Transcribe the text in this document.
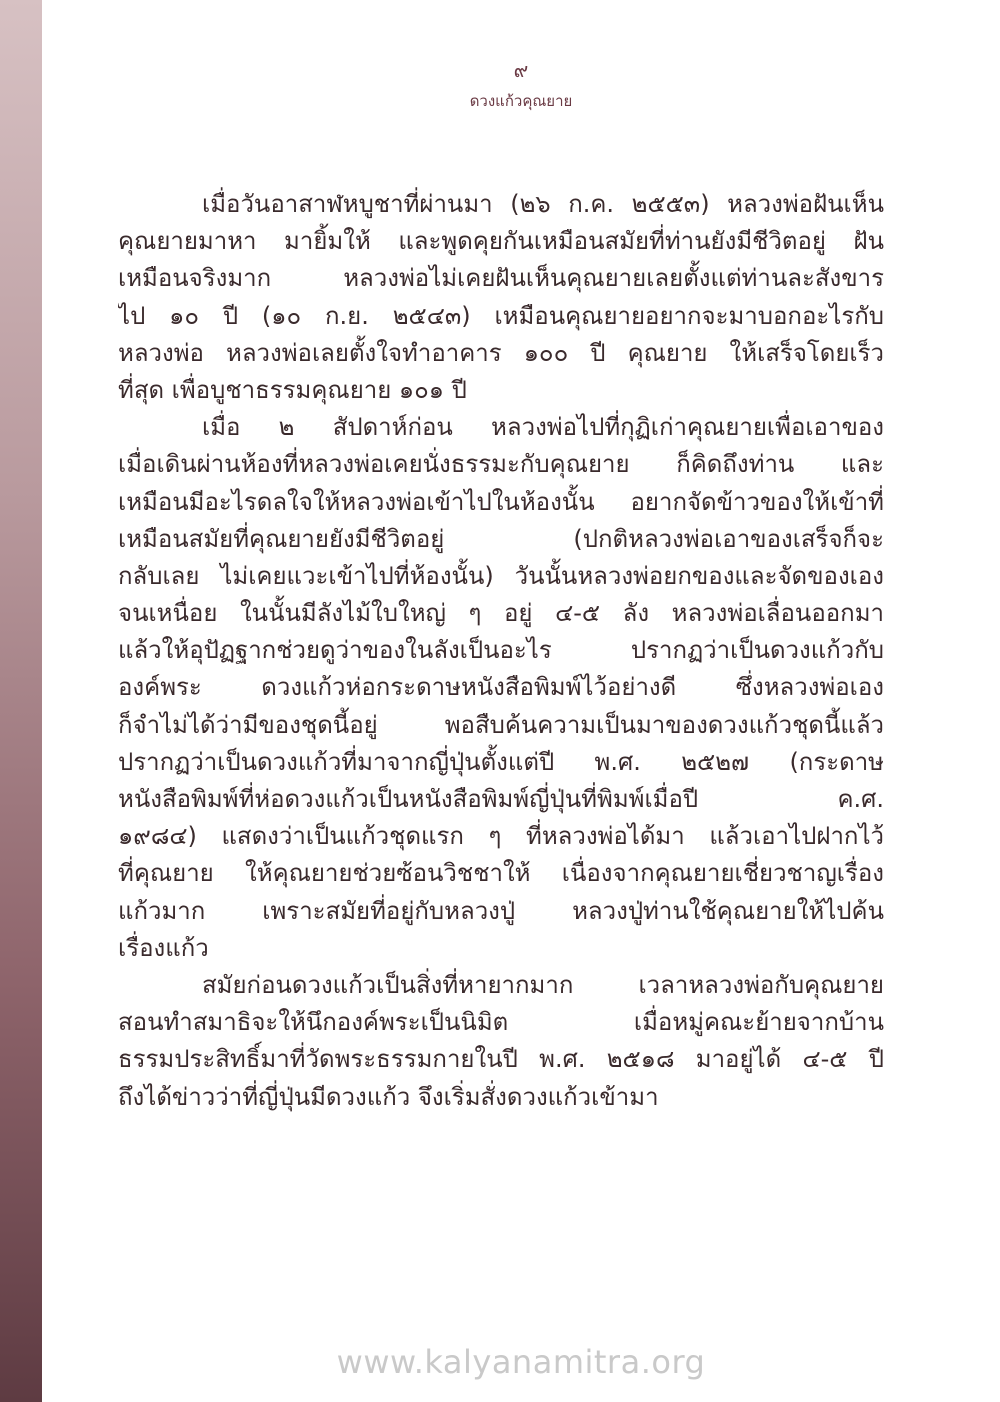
๙
ดวงแก้วคุณยาย
เมื่อวันอาสาฬหบูชาที่ผ่านมา (๒๖ ก.ค. ๒๕๕๓) หลวงพ่อฝันเห็น
คุณยายมาหา มายิ้มให้ และพูดคุยกันเหมือนสมัยที่ท่านยังมีชีวิตอยู่ ฝัน
เหมือนจริงมาก หลวงพ่อไม่เคยฝันเห็นคุณยายเลยตั้งแต่ท่านละสังขาร
ไป ๑๐ ปี (๑๐ ก.ย. ๒๕๔๓) เหมือนคุณยายอยากจะมาบอกอะไรกับ
หลวงพ่อ หลวงพ่อเลยตั้งใจทำอาคาร ๑๐๐ ปี คุณยาย ให้เสร็จโดยเร็ว
ที่สุด เพื่อบูชาธรรมคุณยาย ๑๐๑ ปี
เมื่อ ๒ สัปดาห์ก่อน หลวงพ่อไปที่กุฏิเก่าคุณยายเพื่อเอาของ
เมื่อเดินผ่านห้องที่หลวงพ่อเคยนั่งธรรมะกับคุณยาย ก็คิดถึงท่าน และ
เหมือนมีอะไรดลใจให้หลวงพ่อเข้าไปในห้องนั้น อยากจัดข้าวของให้เข้าที่
เหมือนสมัยที่คุณยายยังมีชีวิตอยู่ (ปกติหลวงพ่อเอาของเสร็จก็จะ
กลับเลย ไม่เคยแวะเข้าไปที่ห้องนั้น) วันนั้นหลวงพ่อยกของและจัดของเอง
จนเหนื่อย ในนั้นมีลังไม้ใบใหญ่ ๆ อยู่ ๔-๕ ลัง หลวงพ่อเลื่อนออกมา
แล้วให้อุปัฏฐากช่วยดูว่าของในลังเป็นอะไร ปรากฏว่าเป็นดวงแก้วกับ
องค์พระ ดวงแก้วห่อกระดาษหนังสือพิมพ์ไว้อย่างดี ซึ่งหลวงพ่อเอง
ก็จำไม่ได้ว่ามีของชุดนี้อยู่ พอสืบค้นความเป็นมาของดวงแก้วชุดนี้แล้ว
ปรากฏว่าเป็นดวงแก้วที่มาจากญี่ปุ่นตั้งแต่ปี พ.ศ. ๒๕๒๗ (กระดาษ
หนังสือพิมพ์ที่ห่อดวงแก้วเป็นหนังสือพิมพ์ญี่ปุ่นที่พิมพ์เมื่อปี ค.ศ.
๑๙๘๔) แสดงว่าเป็นแก้วชุดแรก ๆ ที่หลวงพ่อได้มา แล้วเอาไปฝากไว้
ที่คุณยาย ให้คุณยายช่วยซ้อนวิชชาให้ เนื่องจากคุณยายเชี่ยวชาญเรื่อง
แก้วมาก เพราะสมัยที่อยู่กับหลวงปู่ หลวงปู่ท่านใช้คุณยายให้ไปค้น
เรื่องแก้ว
สมัยก่อนดวงแก้วเป็นสิ่งที่หายากมาก เวลาหลวงพ่อกับคุณยาย
สอนทำสมาธิจะให้นึกองค์พระเป็นนิมิต เมื่อหมู่คณะย้ายจากบ้าน
ธรรมประสิทธิ์มาที่วัดพระธรรมกายในปี พ.ศ. ๒๕๑๘ มาอยู่ได้ ๔-๕ ปี
ถึงได้ข่าวว่าที่ญี่ปุ่นมีดวงแก้ว จึงเริ่มสั่งดวงแก้วเข้ามา
www.kalyanamitra.org
